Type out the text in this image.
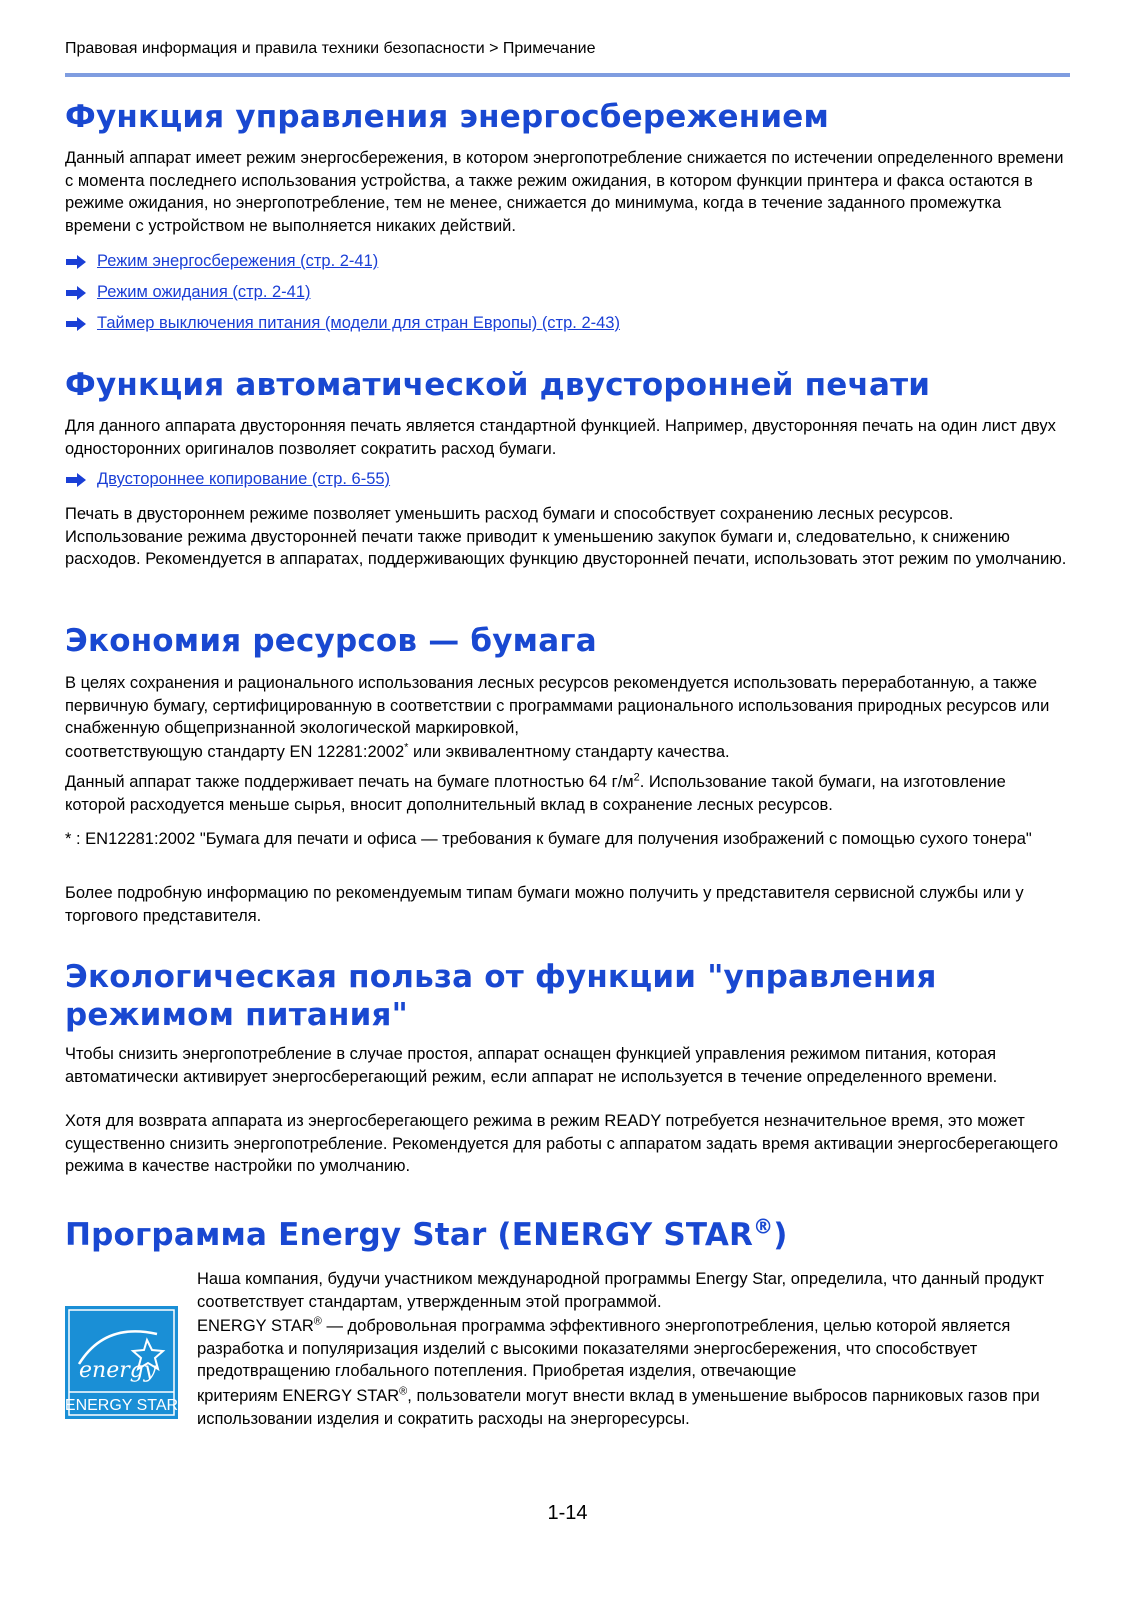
Правовая информация и правила техники безопасности > Примечание
Функция управления энергосбережением

Данный аппарат имеет режим энергосбережения, в котором энергопотребление снижается по истечении определенного времени с момента последнего использования устройства, а также режим ожидания, в котором функции принтера и факса остаются в режиме ожидания, но энергопотребление, тем не менее, снижается до минимума, когда в течение заданного промежутка времени с устройством не выполняется никаких действий.

Режим энергосбережения (стр. 2-41)
Режим ожидания (стр. 2-41)
Таймер выключения питания (модели для стран Европы) (стр. 2-43)
Функция автоматической двусторонней печати

Для данного аппарата двусторонняя печать является стандартной функцией. Например, двусторонняя печать на один лист двух односторонних оригиналов позволяет сократить расход бумаги.

Двустороннее копирование (стр. 6-55)

Печать в двустороннем режиме позволяет уменьшить расход бумаги и способствует сохранению лесных ресурсов. Использование режима двусторонней печати также приводит к уменьшению закупок бумаги и, следовательно, к снижению расходов. Рекомендуется в аппаратах, поддерживающих функцию двусторонней печати, использовать этот режим по умолчанию.

Экономия ресурсов — бумага

В целях сохранения и рационального использования лесных ресурсов рекомендуется использовать переработанную, а также первичную бумагу, сертифицированную в соответствии с программами рационального использования природных ресурсов или снабженную общепризнанной экологической маркировкой,

соответствующую стандарту EN 12281:2002* или эквивалентному стандарту качества.

Данный аппарат также поддерживает печать на бумаге плотностью 64 $г/м^2$. Использование такой бумаги, на изготовление которой расходуется меньше сырья, вносит дополнительный вклад в сохранение лесных ресурсов.

* : EN12281:2002 "Бумага для печати и офиса — требования к бумаге для получения изображений с помощью сухого тонера"

Более подробную информацию по рекомендуемым типам бумаги можно получить у представителя сервисной службы или у торгового представителя.

Экологическая польза от функции "управления режимом питания"

Чтобы снизить энергопотребление в случае простоя, аппарат оснащен функцией управления режимом питания, которая автоматически активирует энергосберегающий режим, если аппарат не используется в течение определенного времени.

Хотя для возврата аппарата из энергосберегающего режима в режим READY потребуется незначительное время, это может существенно снизить энергопотребление. Рекомендуется для работы с аппаратом задать время активации энергосберегающего режима в качестве настройки по умолчанию.

Программа Energy Star (ENERGY STAR®)
energy
ENERGY STAR

Наша компания, будучи участником международной программы Energy Star, определила, что данный продукт соответствует стандартам, утвержденным этой программой.

ENERGY STAR® — добровольная программа эффективного энергопотребления, целью которой является разработка и популяризация изделий с высокими показателями энергосбережения, что способствует предотвращению глобального потепления. Приобретая изделия, отвечающие

критериям ENERGY STAR®, пользователи могут внести вклад в уменьшение выбросов парниковых газов при использовании изделия и сократить расходы на энергоресурсы.

1-14
